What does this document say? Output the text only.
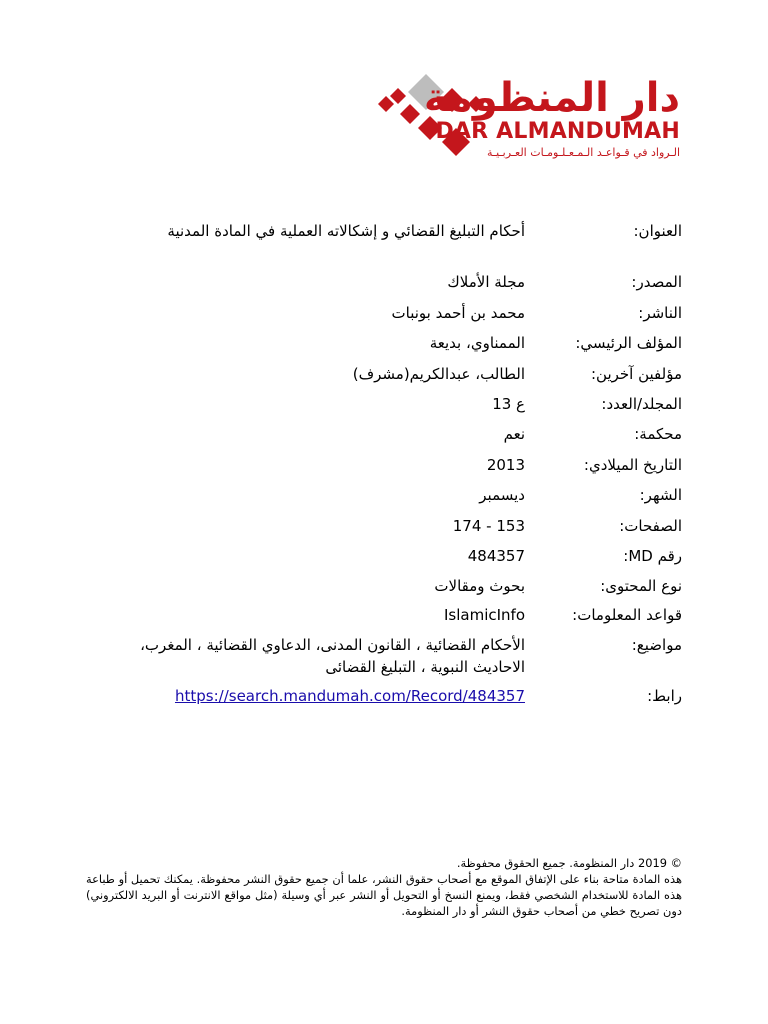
دار المنظومة
DAR ALMANDUMAH
الـرواد في قـواعـد الـمـعـلـومـات العـربـيـة
العنوان:
أحكام التبليغ القضائي و إشكالاته العملية في المادة المدنية
المصدر:
مجلة الأملاك
الناشر:
محمد بن أحمد بونبات
المؤلف الرئيسي:
الممناوي، بديعة
مؤلفين آخرين:
الطالب، عبدالكريم(مشرف)
المجلد/العدد:
ع 13
محكمة:
نعم
التاريخ الميلادي:
2013
الشهر:
ديسمبر
الصفحات:
153 - 174
رقم MD:
484357
نوع المحتوى:
بحوث ومقالات
قواعد المعلومات:
IslamicInfo
مواضيع:
الأحكام القضائية ، القانون المدنى، الدعاوي القضائية ، المغرب، الاحاديث النبوية ، التبليغ القضائى
رابط:
https://search.mandumah.com/Record/484357

© 2019 دار المنظومة. جميع الحقوق محفوظة.

هذه المادة متاحة بناء على الإتفاق الموقع مع أصحاب حقوق النشر، علما أن جميع حقوق النشر محفوظة. يمكنك تحميل أو طباعة هذه المادة للاستخدام الشخصي فقط، ويمنع النسخ أو التحويل أو النشر عبر أي وسيلة (مثل مواقع الانترنت أو البريد الالكتروني) دون تصريح خطي من أصحاب حقوق النشر أو دار المنظومة.
